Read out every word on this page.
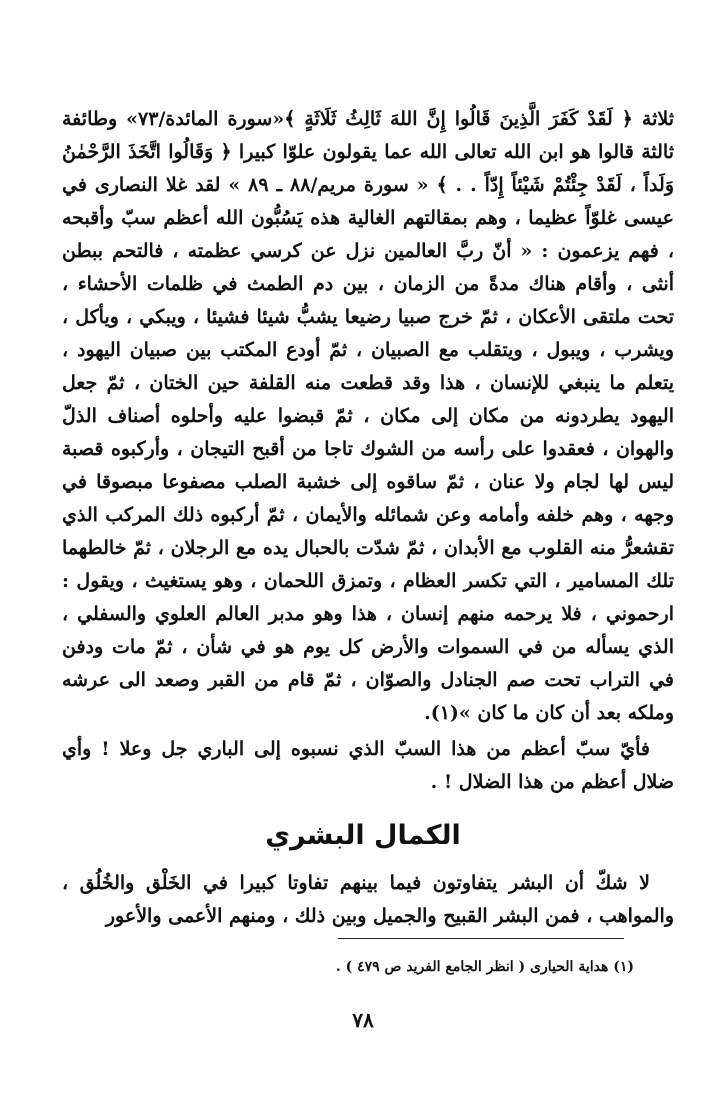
ثلاثة ﴿ لَقَدْ كَفَرَ الَّذِينَ قَالُوا إِنَّ اللهَ ثَالِثُ ثَلَاثَةٍ ﴾«سورة المائدة/٧٣» وطائفة ثالثة قالوا هو ابن الله تعالى الله عما يقولون علوّا كبيرا ﴿ وَقَالُوا اتَّخَذَ الرَّحْمٰنُ وَلَداً ، لَقَدْ جِئْتُمْ شَيْئاً إِدّاً . . ﴾ « سورة مريم/٨٨ ـ ٨٩ » لقد غلا النصارى في عيسى غلوّاً عظيما ، وهم بمقالتهم الغالية هذه يَسُبُّون الله أعظم سبّ وأقبحه ، فهم يزعمون : « أنّ ربَّ العالمين نزل عن كرسي عظمته ، فالتحم ببطن أنثى ، وأقام هناك مدةً من الزمان ، بين دم الطمث في ظلمات الأحشاء ، تحت ملتقى الأعكان ، ثمّ خرج صبيا رضيعا يشبُّ شيئا فشيئا ، ويبكي ، ويأكل ، ويشرب ، ويبول ، ويتقلب مع الصبيان ، ثمّ أودع المكتب بين صبيان اليهود ، يتعلم ما ينبغي للإنسان ، هذا وقد قطعت منه القلفة حين الختان ، ثمّ جعل اليهود يطردونه من مكان إلى مكان ، ثمّ قبضوا عليه وأحلوه أصناف الذلّ والهوان ، فعقدوا على رأسه من الشوك تاجا من أقبح التيجان ، وأركبوه قصبة ليس لها لجام ولا عنان ، ثمّ ساقوه إلى خشبة الصلب مصفوعا مبصوقا في وجهه ، وهم خلفه وأمامه وعن شمائله والأيمان ، ثمّ أركبوه ذلك المركب الذي تقشعرُّ منه القلوب مع الأبدان ، ثمّ شدّت بالحبال يده مع الرجلان ، ثمّ خالطهما تلك المسامير ، التي تكسر العظام ، وتمزق اللحمان ، وهو يستغيث ، ويقول : ارحموني ، فلا يرحمه منهم إنسان ، هذا وهو مدبر العالم العلوي والسفلي ، الذي يسأله من في السموات والأرض كل يوم هو في شأن ، ثمّ مات ودفن في التراب تحت صم الجنادل والصوّان ، ثمّ قام من القبر وصعد الى عرشه وملكه بعد أن كان ما كان »(١).

فأيّ سبّ أعظم من هذا السبّ الذي نسبوه إلى الباري جل وعلا ! وأي ضلال أعظم من هذا الضلال ! .

الكمال البشري

لا شكّ أن البشر يتفاوتون فيما بينهم تفاوتا كبيرا في الخَلْق والخُلُق ، والمواهب ، فمن البشر القبيح والجميل وبين ذلك ، ومنهم الأعمى والأعور

(١) هداية الحيارى ( انظر الجامع الفريد ص ٤٧٩ ) .
٧٨
